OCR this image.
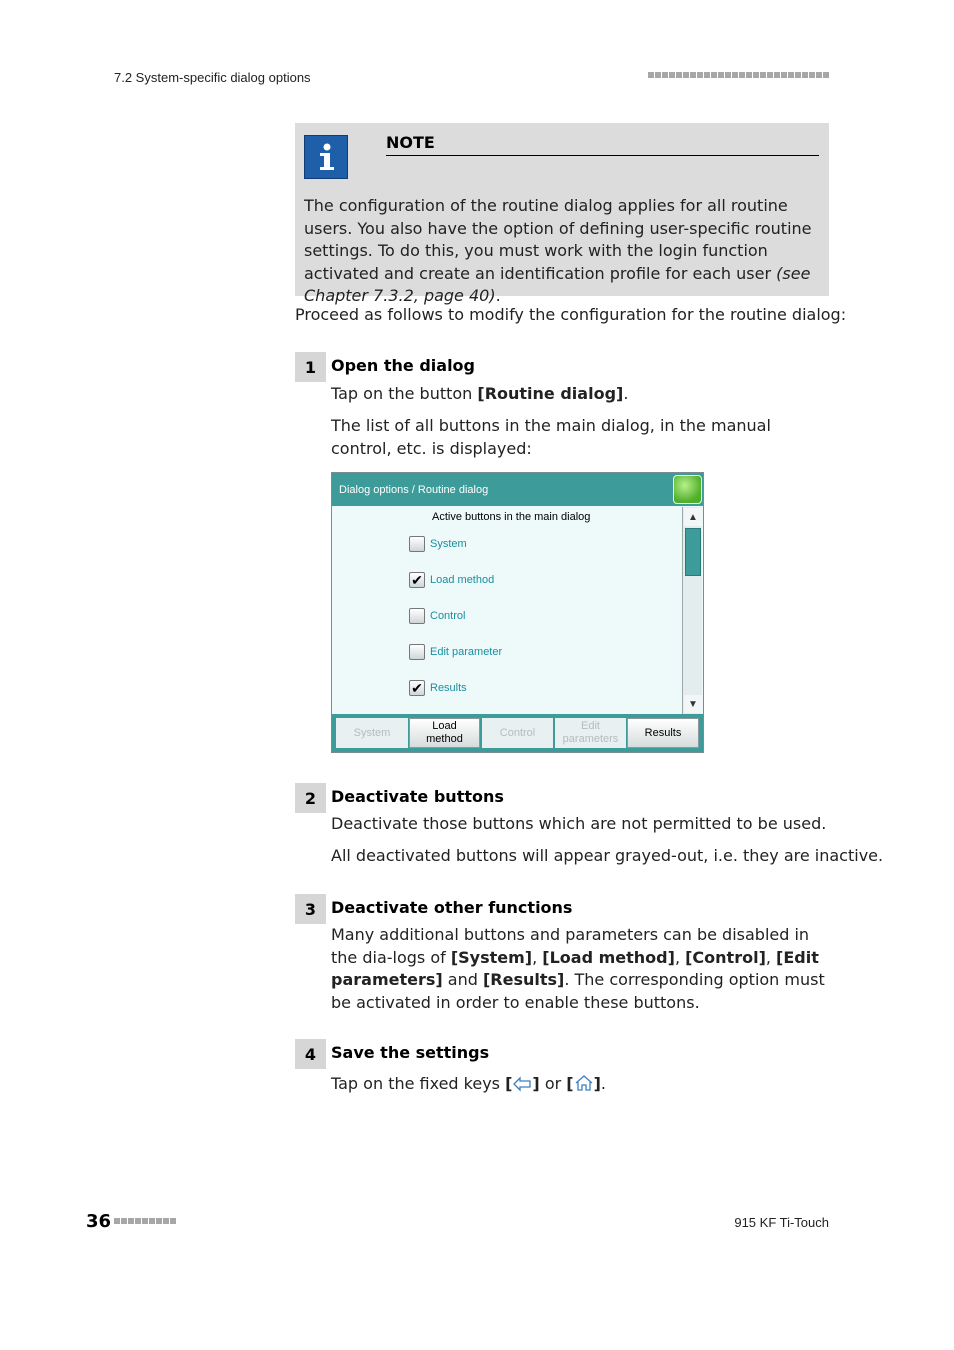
7.2 System-specific dialog options
NOTE
The configuration of the routine dialog applies for all routine users. You also have the option of defining user-specific routine settings. To do this, you must work with the login function activated and create an identification profile for each user (see Chapter 7.3.2, page 40).
Proceed as follows to modify the configuration for the routine dialog:
1 Open the dialog
Tap on the button [Routine dialog].
The list of all buttons in the main dialog, in the manual control, etc. is displayed:
Dialog options / Routine dialog
Active buttons in the main dialog
System
✔ Load method
Control
Edit parameter
✔ Results
▲
▼
System
Load method
Control
Edit parameters
Results
2 Deactivate buttons
Deactivate those buttons which are not permitted to be used.
All deactivated buttons will appear grayed-out, i.e. they are inactive.
3 Deactivate other functions
Many additional buttons and parameters can be disabled in the dia-logs of [System], [Load method], [Control], [Edit parameters] and [Results]. The corresponding option must be activated in order to enable these buttons.
4 Save the settings
Tap on the fixed keys [ ] or [ ].
36	915 KF Ti-Touch
